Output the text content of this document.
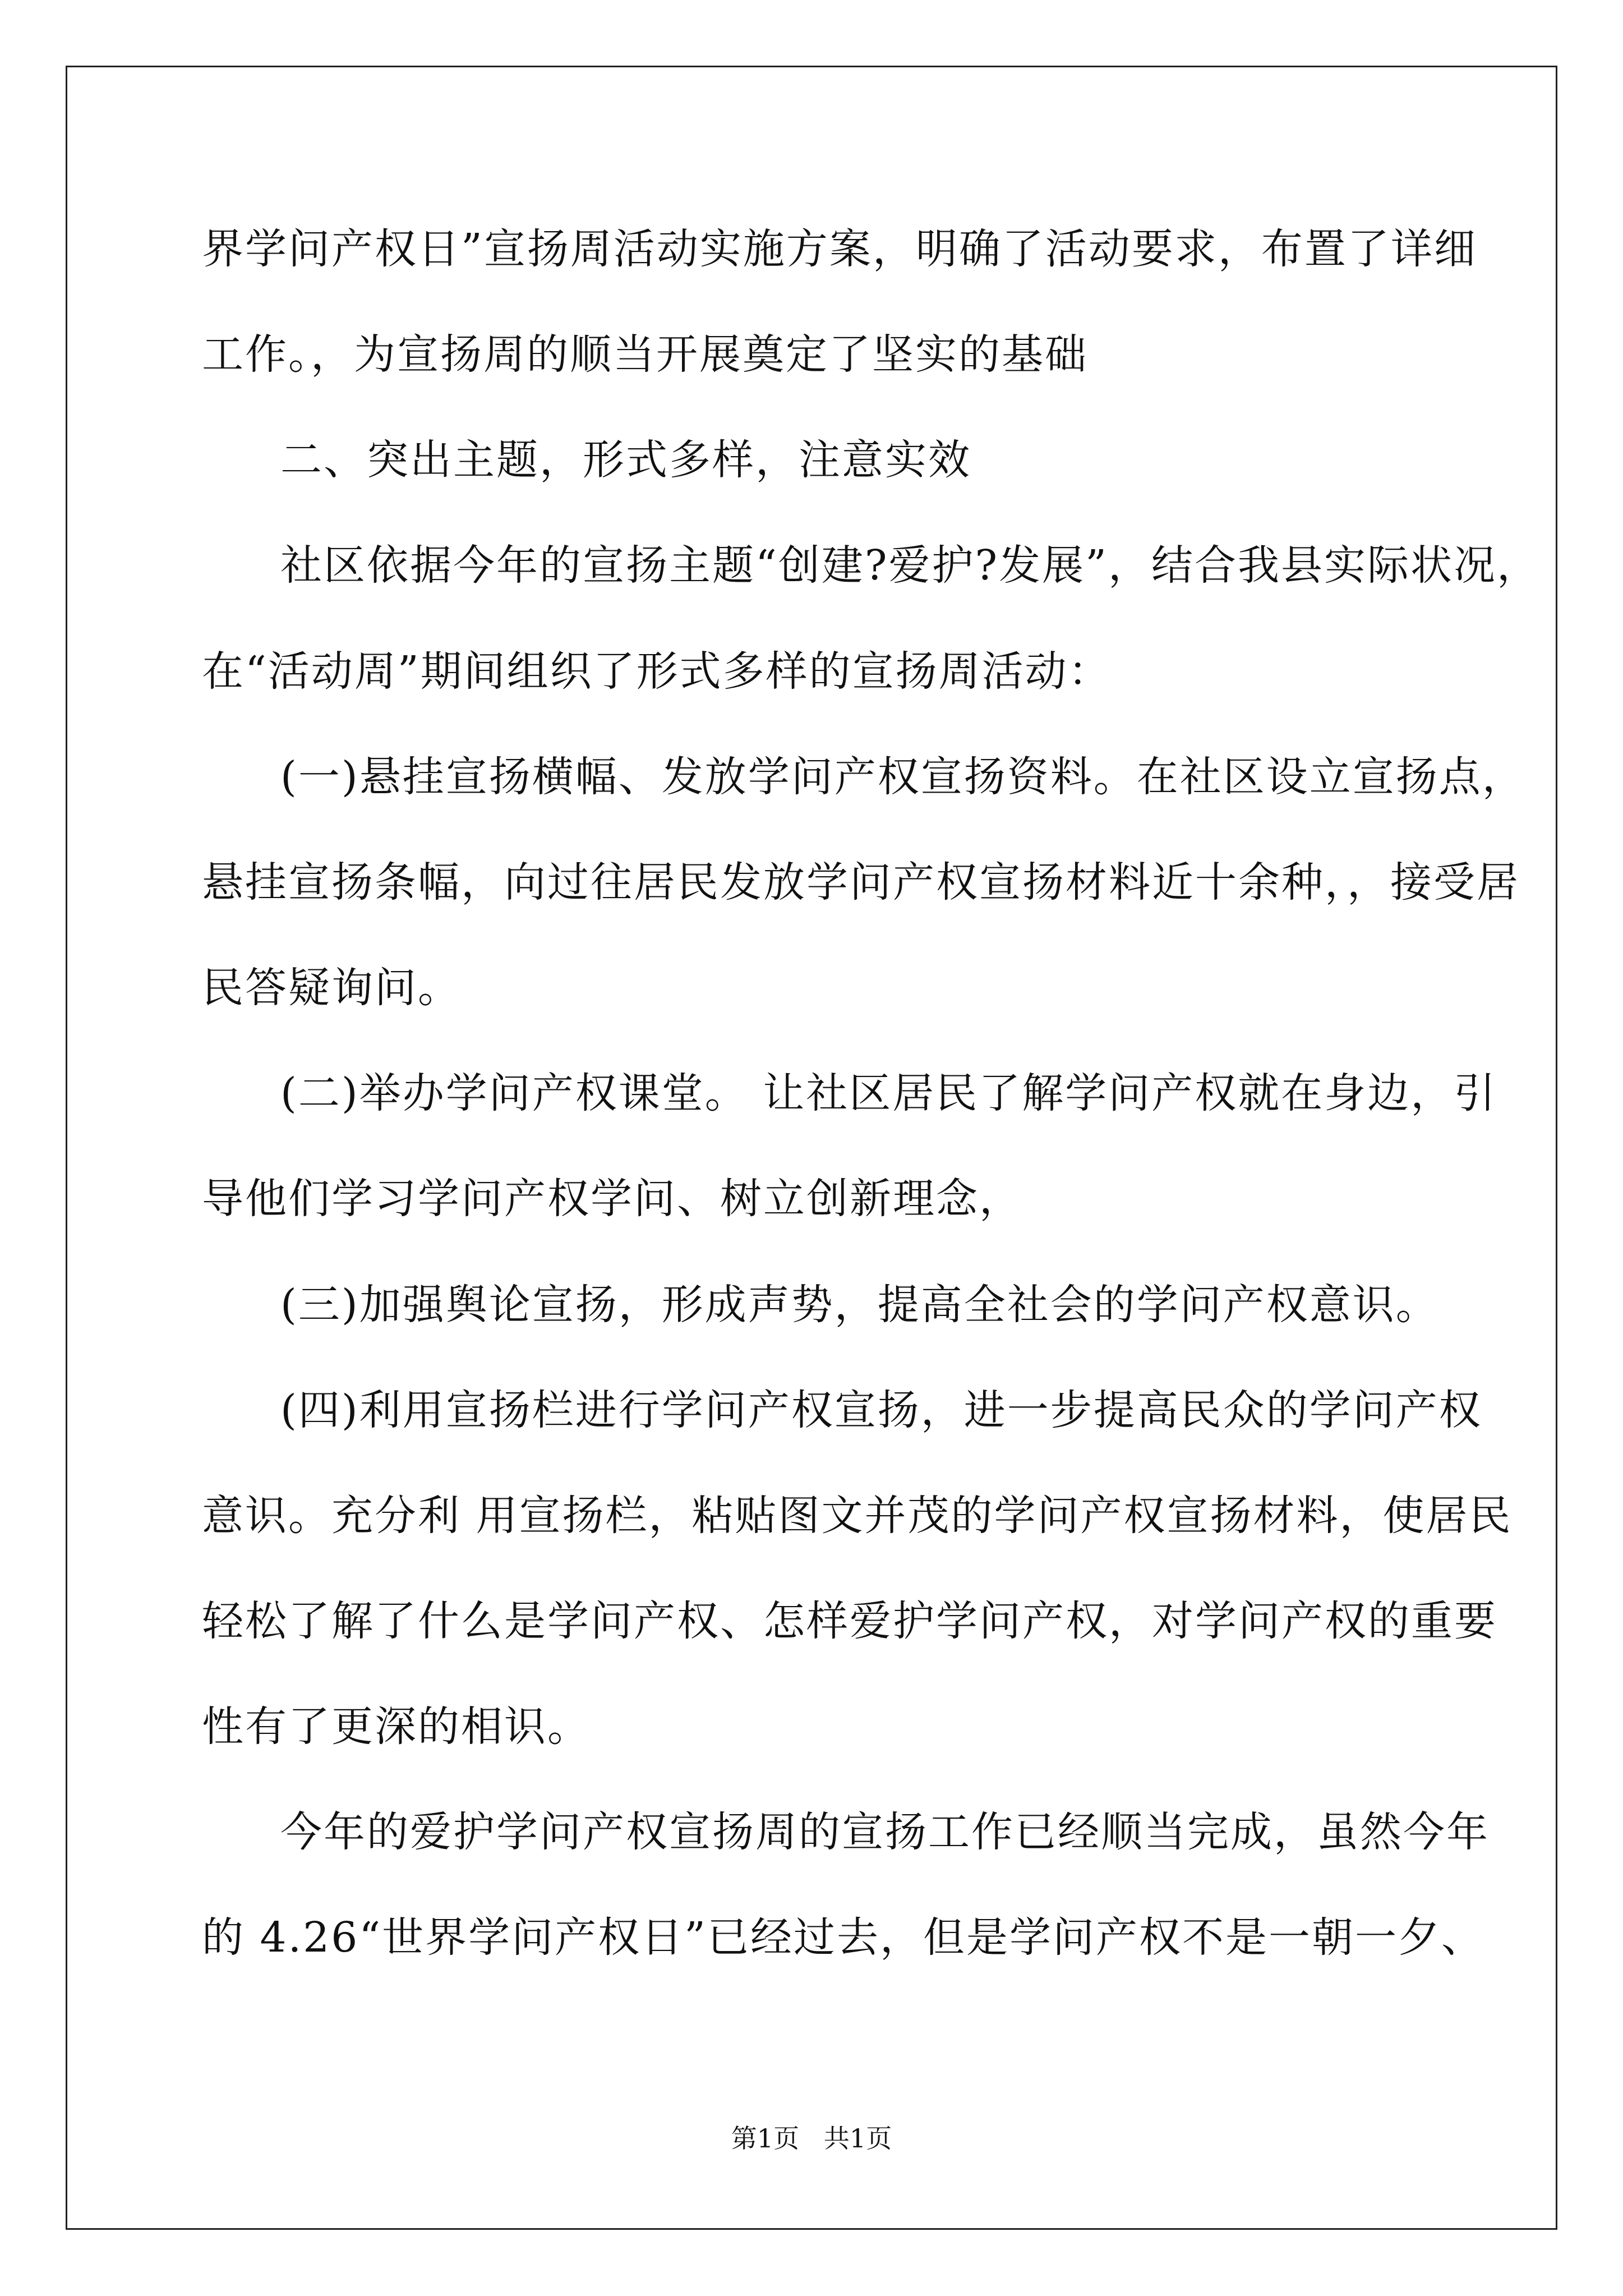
界学问产权日”宣扬周活动实施方案，明确了活动要求，布置了详细
工作。，为宣扬周的顺当开展奠定了坚实的基础
二、突出主题，形式多样，注意实效
社区依据今年的宣扬主题“创建?爱护?发展”，结合我县实际状况，
在“活动周”期间组织了形式多样的宣扬周活动：
(一)悬挂宣扬横幅、发放学问产权宣扬资料。在社区设立宣扬点，
悬挂宣扬条幅，向过往居民发放学问产权宣扬材料近十余种，，接受居
民答疑询问。
(二)举办学问产权课堂。 让社区居民了解学问产权就在身边，引
导他们学习学问产权学问、树立创新理念，
(三)加强舆论宣扬，形成声势，提高全社会的学问产权意识。
(四)利用宣扬栏进行学问产权宣扬，进一步提高民众的学问产权
意识。充分利 用宣扬栏，粘贴图文并茂的学问产权宣扬材料，使居民
轻松了解了什么是学问产权、怎样爱护学问产权，对学问产权的重要
性有了更深的相识。
今年的爱护学问产权宣扬周的宣扬工作已经顺当完成，虽然今年
的 4.26“世界学问产权日”已经过去，但是学问产权不是一朝一夕、
第1页   共1页
